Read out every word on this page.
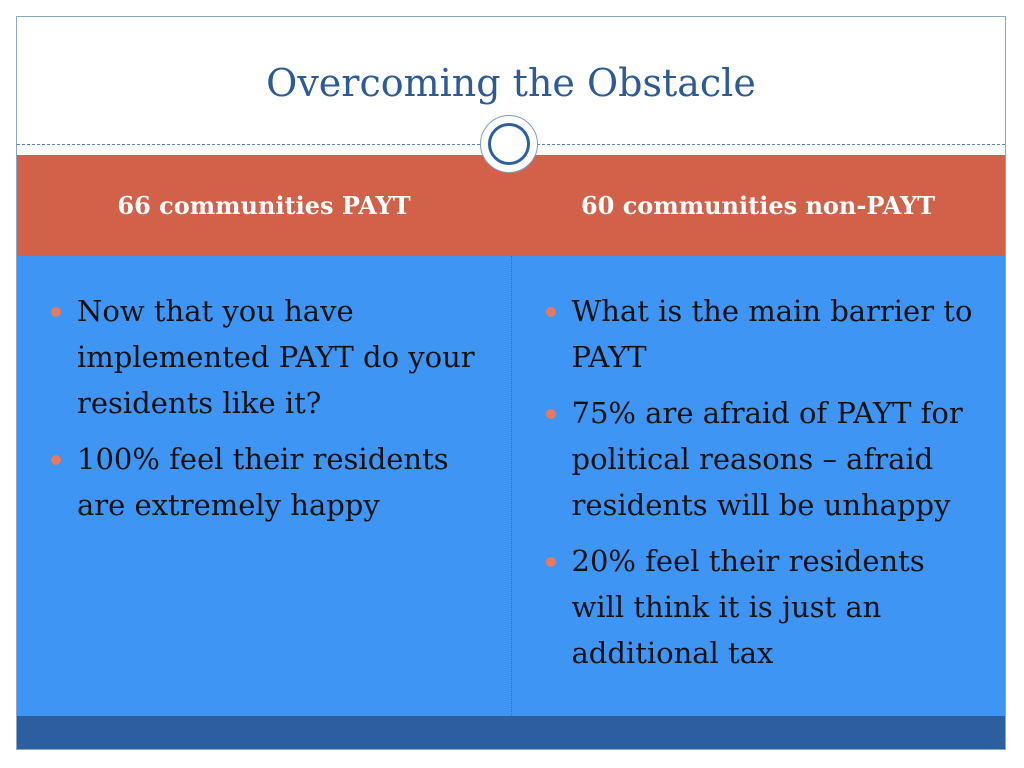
Overcoming the Obstacle
66 communities PAYT	60 communities non-PAYT
Now that you have implemented PAYT do your residents like it?
100% feel their residents are extremely happy
What is the main barrier to PAYT
75% are afraid of PAYT for political reasons – afraid residents will be unhappy
20% feel their residents will think it is just an additional tax
